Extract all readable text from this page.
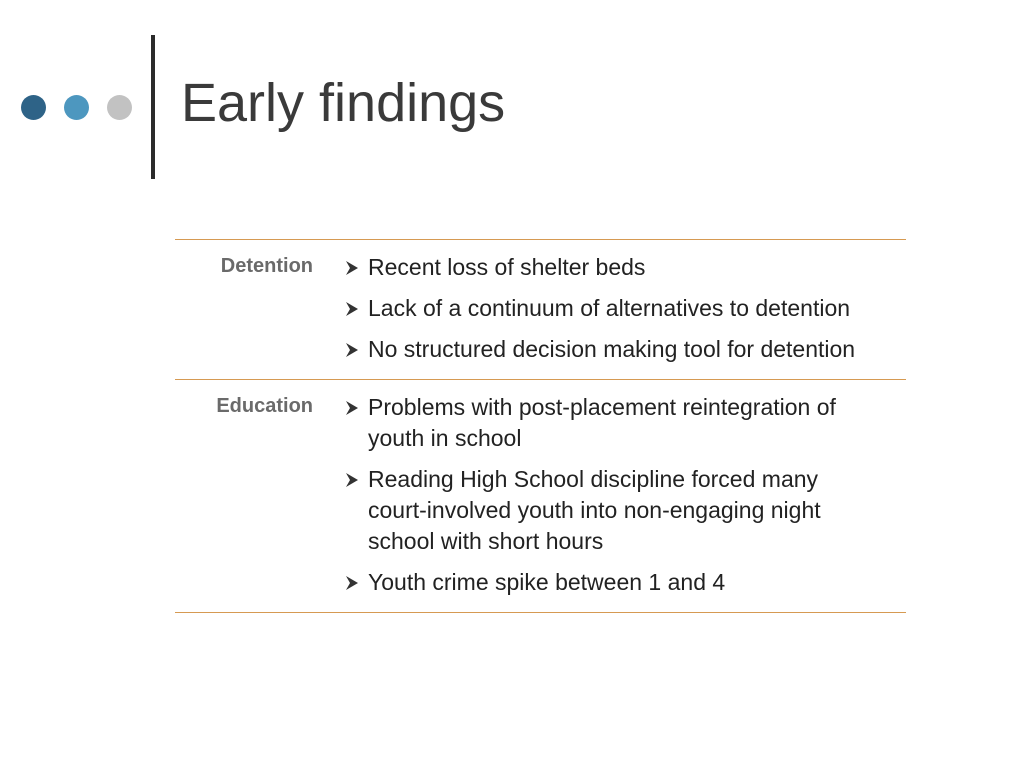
Early findings
Detention Recent loss of shelter beds
Lack of a continuum of alternatives to detention
No structured decision making tool for detention
Education Problems with post-placement reintegration of youth in school
Reading High School discipline forced many court-involved youth into non-engaging night school with short hours
Youth crime spike between 1 and 4
